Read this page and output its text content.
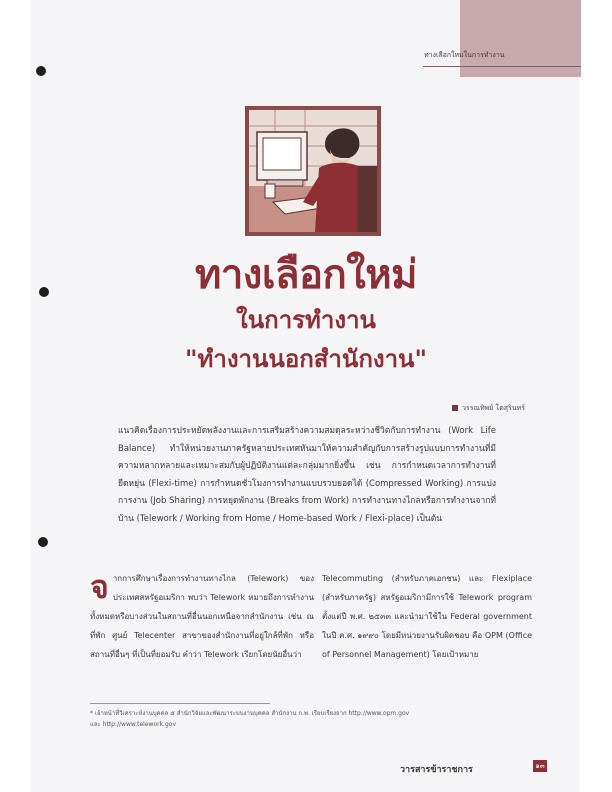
ทางเลือกใหม่ในการทำงาน
ทางเลือกใหม่
ในการทำงาน
"ทำงานนอกสำนักงาน"
วรรณทิพย์ โตสุรินทร์
แนวคิดเรื่องการประหยัดพลังงานและการเสริมสร้างความสมดุลระหว่างชีวิตกับการทำงาน (Work Life Balance) ทำให้หน่วยงานภาครัฐหลายประเทศหันมาให้ความสำคัญกับการสร้างรูปแบบการทำงานที่มีความหลากหลายและเหมาะสมกับผู้ปฏิบัติงานแต่ละกลุ่มมากยิ่งขึ้น เช่น การกำหนดเวลาการทำงานที่ยืดหยุ่น (Flexi-time) การกำหนดชั่วโมงการทำงานแบบรวบยอดได้ (Compressed Working) การแบ่งการงาน (Job Sharing) การหยุดพักงาน (Breaks from Work) การทำงานทางไกลหรือการทำงานจากที่บ้าน (Telework / Working from Home / Home-based Work / Flexi-place) เป็นต้น
จากการศึกษาเรื่องการทำงานทางไกล (Telework) ของประเทศสหรัฐอเมริกา พบว่า Telework หมายถึงการทำงานทั้งหมดหรือบางส่วนในสถานที่อื่นนอกเหนือจากสำนักงาน เช่น ณ ที่พัก ศูนย์ Telecenter สาขาของสำนักงานที่อยู่ใกล้ที่พัก หรือสถานที่อื่นๆ ที่เป็นที่ยอมรับ คำว่า Telework เรียกโดยนัยอื่นว่า
Telecommuting (สำหรับภาคเอกชน) และ Flexiplace (สำหรับภาครัฐ) สหรัฐอเมริกามีการใช้ Telework program ตั้งแต่ปี พ.ศ. ๒๕๓๓ และนำมาใช้ใน Federal government ในปี ค.ศ. ๑๙๙๐ โดยมีหน่วยงานรับผิดชอบ คือ OPM (Office of Personnel Management) โดยเป้าหมาย
* เจ้าหน้าที่วิเคราะห์งานบุคคล ๕ สำนักวิจัยและพัฒนาระบบงานบุคคล สำนักงาน ก.พ. เรียบเรียงจาก http://www.opm.gov และ http://www.telework.gov
วารสารข้าราชการ	๑๓
